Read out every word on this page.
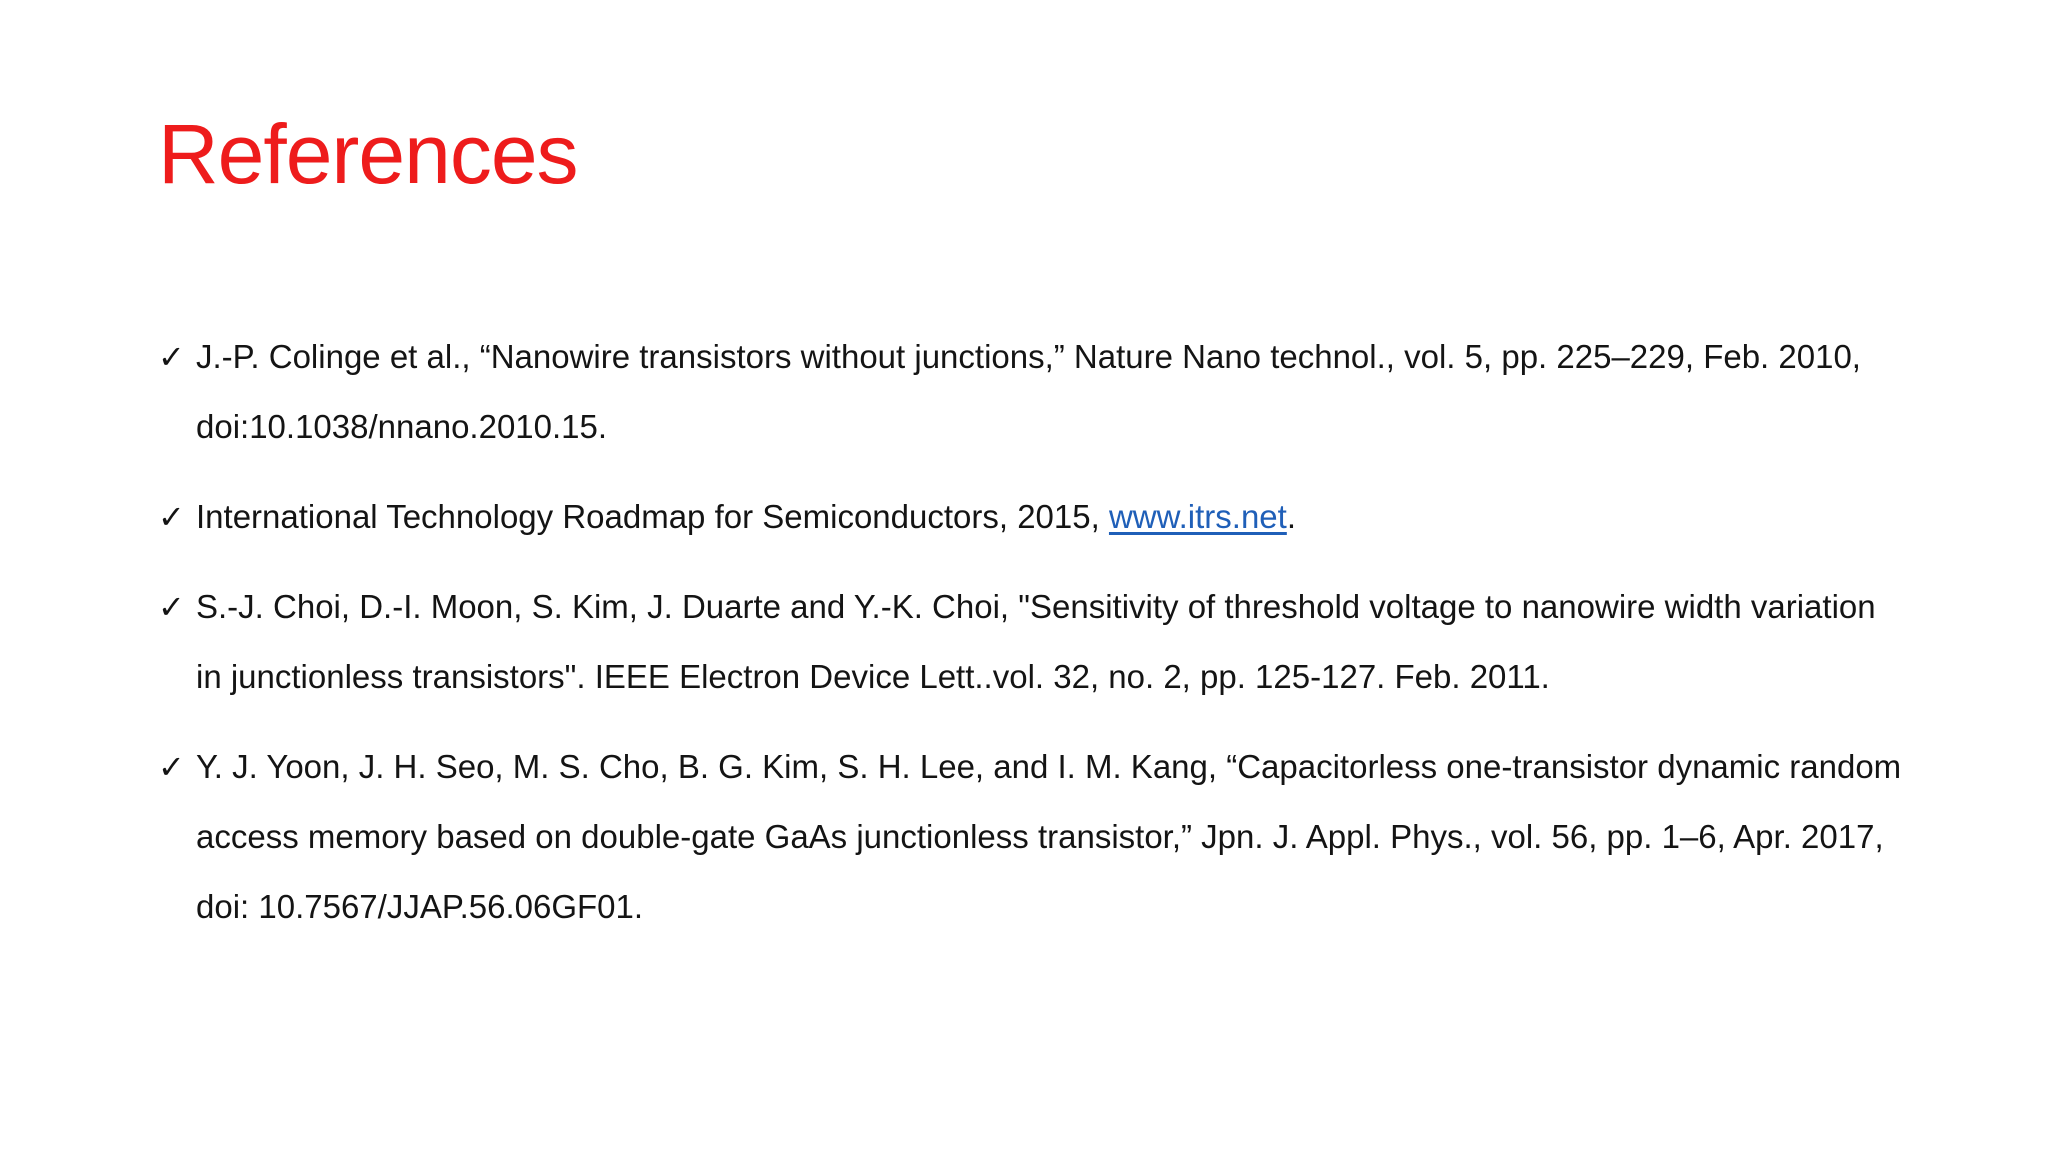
References
✓ J.-P. Colinge et al., “Nanowire transistors without junctions,” Nature Nano technol., vol. 5, pp. 225–229, Feb. 2010, doi:10.1038/nnano.2010.15.
✓ International Technology Roadmap for Semiconductors, 2015, www.itrs.net.
✓ S.-J. Choi, D.-I. Moon, S. Kim, J. Duarte and Y.-K. Choi, "Sensitivity of threshold voltage to nanowire width variation in junctionless transistors". IEEE Electron Device Lett..vol. 32, no. 2, pp. 125-127. Feb. 2011.
✓ Y. J. Yoon, J. H. Seo, M. S. Cho, B. G. Kim, S. H. Lee, and I. M. Kang, “Capacitorless one-transistor dynamic random access memory based on double-gate GaAs junctionless transistor,” Jpn. J. Appl. Phys., vol. 56, pp. 1–6, Apr. 2017, doi: 10.7567/JJAP.56.06GF01.
